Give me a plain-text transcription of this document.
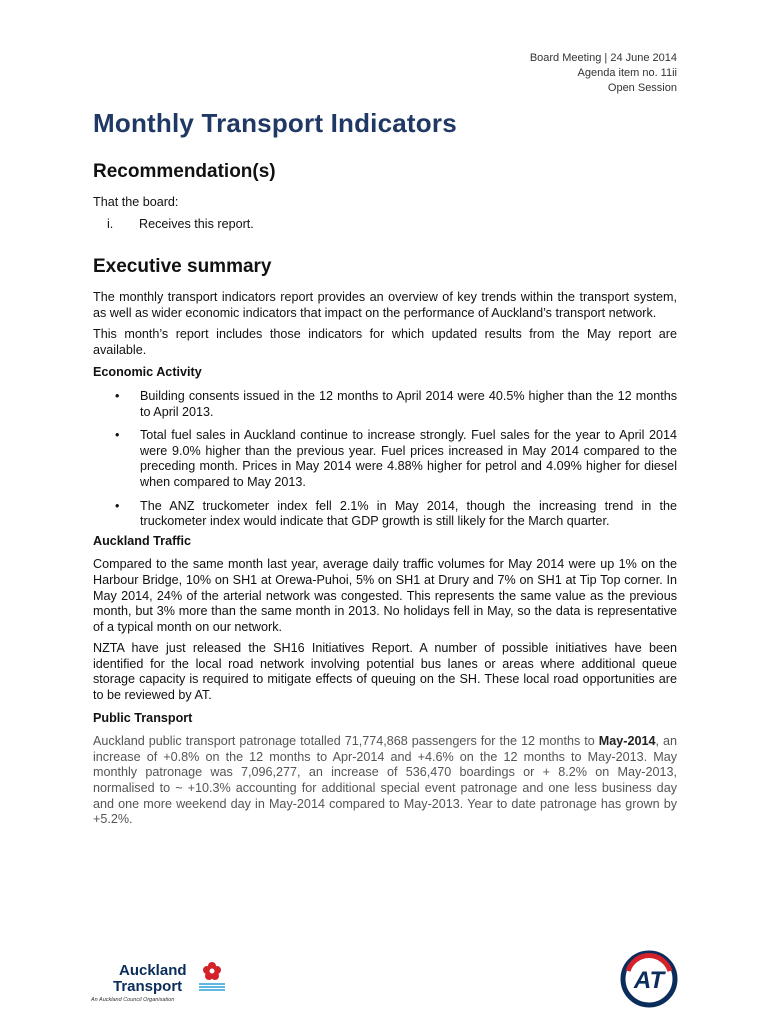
Board Meeting | 24 June 2014
Agenda item no. 11ii
Open Session
Monthly Transport Indicators
Recommendation(s)

That the board:

i.	Receives this report.
Executive summary

The monthly transport indicators report provides an overview of key trends within the transport system, as well as wider economic indicators that impact on the performance of Auckland’s transport network.

This month’s report includes those indicators for which updated results from the May report are available.

Economic Activity

•	Building consents issued in the 12 months to April 2014 were 40.5% higher than the 12 months to April 2013.
•	Total fuel sales in Auckland continue to increase strongly. Fuel sales for the year to April 2014 were 9.0% higher than the previous year. Fuel prices increased in May 2014 compared to the preceding month. Prices in May 2014 were 4.88% higher for petrol and 4.09% higher for diesel when compared to May 2013.
•	The ANZ truckometer index fell 2.1% in May 2014, though the increasing trend in the truckometer index would indicate that GDP growth is still likely for the March quarter.

Auckland Traffic

Compared to the same month last year, average daily traffic volumes for May 2014 were up 1% on the Harbour Bridge, 10% on SH1 at Orewa-Puhoi, 5% on SH1 at Drury and 7% on SH1 at Tip Top corner. In May 2014, 24% of the arterial network was congested. This represents the same value as the previous month, but 3% more than the same month in 2013. No holidays fell in May, so the data is representative of a typical month on our network.

NZTA have just released the SH16 Initiatives Report. A number of possible initiatives have been identified for the local road network involving potential bus lanes or areas where additional queue storage capacity is required to mitigate effects of queuing on the SH. These local road opportunities are to be reviewed by AT.

Public Transport

Auckland public transport patronage totalled 71,774,868 passengers for the 12 months to May-2014, an increase of +0.8% on the 12 months to Apr-2014 and +4.6% on the 12 months to May-2013. May monthly patronage was 7,096,277, an increase of 536,470 boardings or + 8.2% on May-2013, normalised to ~ +10.3% accounting for additional special event patronage and one less business day and one more weekend day in May-2014 compared to May-2013. Year to date patronage has grown by +5.2%.

Auckland
Transport
An Auckland Council Organisation
AT
